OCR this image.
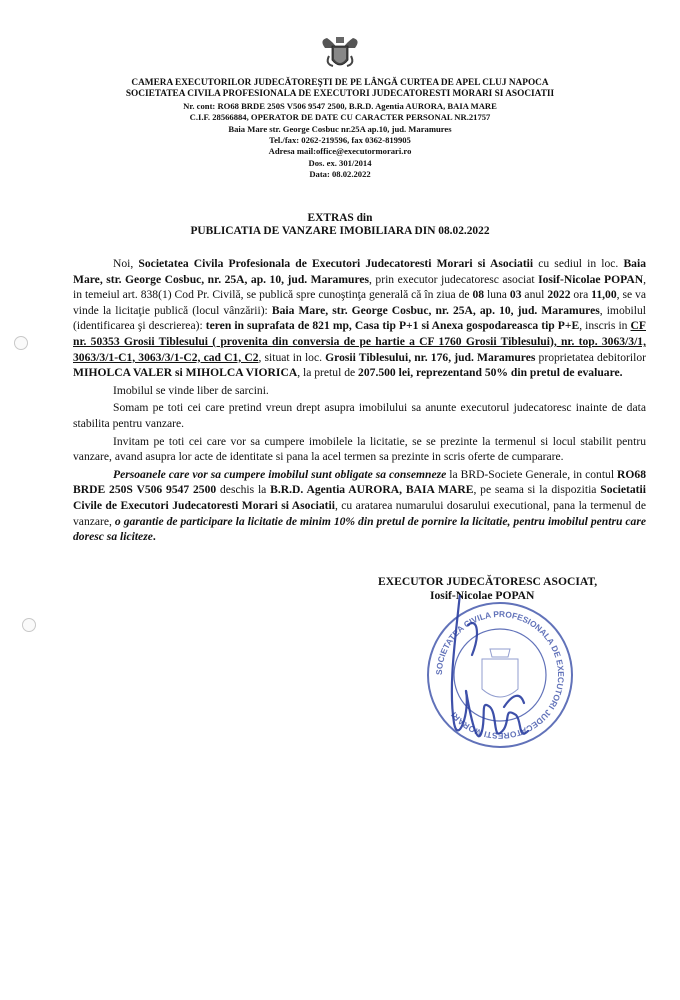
CAMERA EXECUTORILOR JUDECĂTOREŞTI DE PE LÂNGĂ CURTEA DE APEL CLUJ NAPOCA
SOCIETATEA CIVILA PROFESIONALA DE EXECUTORI JUDECATORESTI MORARI SI ASOCIATII
Nr. cont: RO68 BRDE 250S V506 9547 2500, B.R.D. Agentia AURORA, BAIA MARE
C.I.F. 28566884, OPERATOR DE DATE CU CARACTER PERSONAL NR.21757
Baia Mare str. George Cosbuc nr.25A ap.10, jud. Maramures
Tel./fax: 0262-219596, fax 0362-819905
Adresa mail:office@executormorari.ro
Dos. ex. 301/2014
Data: 08.02.2022
EXTRAS din
PUBLICATIA DE VANZARE IMOBILIARA DIN 08.02.2022

Noi, Societatea Civila Profesionala de Executori Judecatoresti Morari si Asociatii cu sediul in loc. Baia Mare, str. George Cosbuc, nr. 25A, ap. 10, jud. Maramures, prin executor judecatoresc asociat Iosif-Nicolae POPAN, in temeiul art. 838(1) Cod Pr. Civilă, se publică spre cunoştinţa generală că în ziua de 08 luna 03 anul 2022 ora 11,00, se va vinde la licitaţie publică (locul vânzării): Baia Mare, str. George Cosbuc, nr. 25A, ap. 10, jud. Maramures, imobilul (identificarea şi descrierea): teren in suprafata de 821 mp, Casa tip P+1 si Anexa gospodareasca tip P+E, inscris in CF nr. 50353 Grosii Tiblesului ( provenita din conversia de pe hartie a CF 1760 Grosii Tiblesului), nr. top. 3063/3/1, 3063/3/1-C1, 3063/3/1-C2, cad C1, C2, situat in loc. Grosii Tiblesului, nr. 176, jud. Maramures proprietatea debitorilor MIHOLCA VALER si MIHOLCA VIORICA, la pretul de 207.500 lei, reprezentand 50% din pretul de evaluare.

Imobilul se vinde liber de sarcini.

Somam pe toti cei care pretind vreun drept asupra imobilului sa anunte executorul judecatoresc inainte de data stabilita pentru vanzare.

Invitam pe toti cei care vor sa cumpere imobilele la licitatie, se se prezinte la termenul si locul stabilit pentru vanzare, avand asupra lor acte de identitate si pana la acel termen sa prezinte in scris oferte de cumparare.

Persoanele care vor sa cumpere imobilul sunt obligate sa consemneze la BRD-Societe Generale, in contul RO68 BRDE 250S V506 9547 2500 deschis la B.R.D. Agentia AURORA, BAIA MARE, pe seama si la dispozitia Societatii Civile de Executori Judecatoresti Morari si Asociatii, cu aratarea numarului dosarului executional, pana la termenul de vanzare, o garantie de participare la licitatie de minim 10% din pretul de pornire la licitatie, pentru imobilul pentru care doresc sa liciteze.

EXECUTOR JUDECĂTORESC ASOCIAT,
Iosif-Nicolae POPAN
SOCIETATEA CIVILA PROFESIONALA DE EXECUTORI JUDECATORESTI MORARI
